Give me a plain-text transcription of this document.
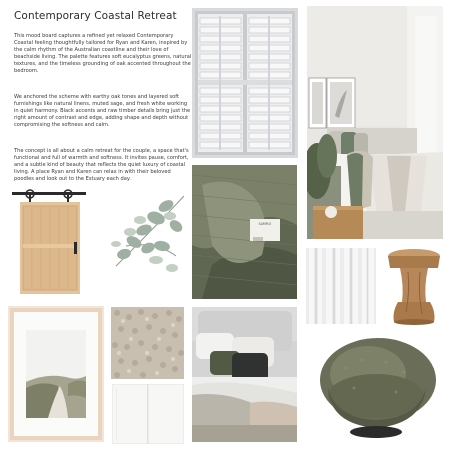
Contemporary Coastal Retreat

This mood board captures a refined yet relaxed Contemporary Coastal feeling thoughtfully tailored for Ryan and Karen, inspired by the calm rhythm of the Australian coastline and their love of beachside living. The palette features soft eucalyptus greens, natural textures, and the timeless grounding of oak accented throughout the bedroom.

We anchored the scheme with earthy oak tones and layered soft furnishings like natural linens, muted sage, and fresh white working in quiet harmony. Black accents and raw timber details bring just the right amount of contrast and edge, adding shape and depth without compromising the softness and calm.

The concept is all about a calm retreat for the couple, a space that's functional and full of warmth and softness. It invites pause, comfort, and a subtle kind of beauty that reflects the quiet luxury of coastal living. A place Ryan and Karen can relax in with their beloved poodles and look out to the Estuary each day.

SAMPLE
